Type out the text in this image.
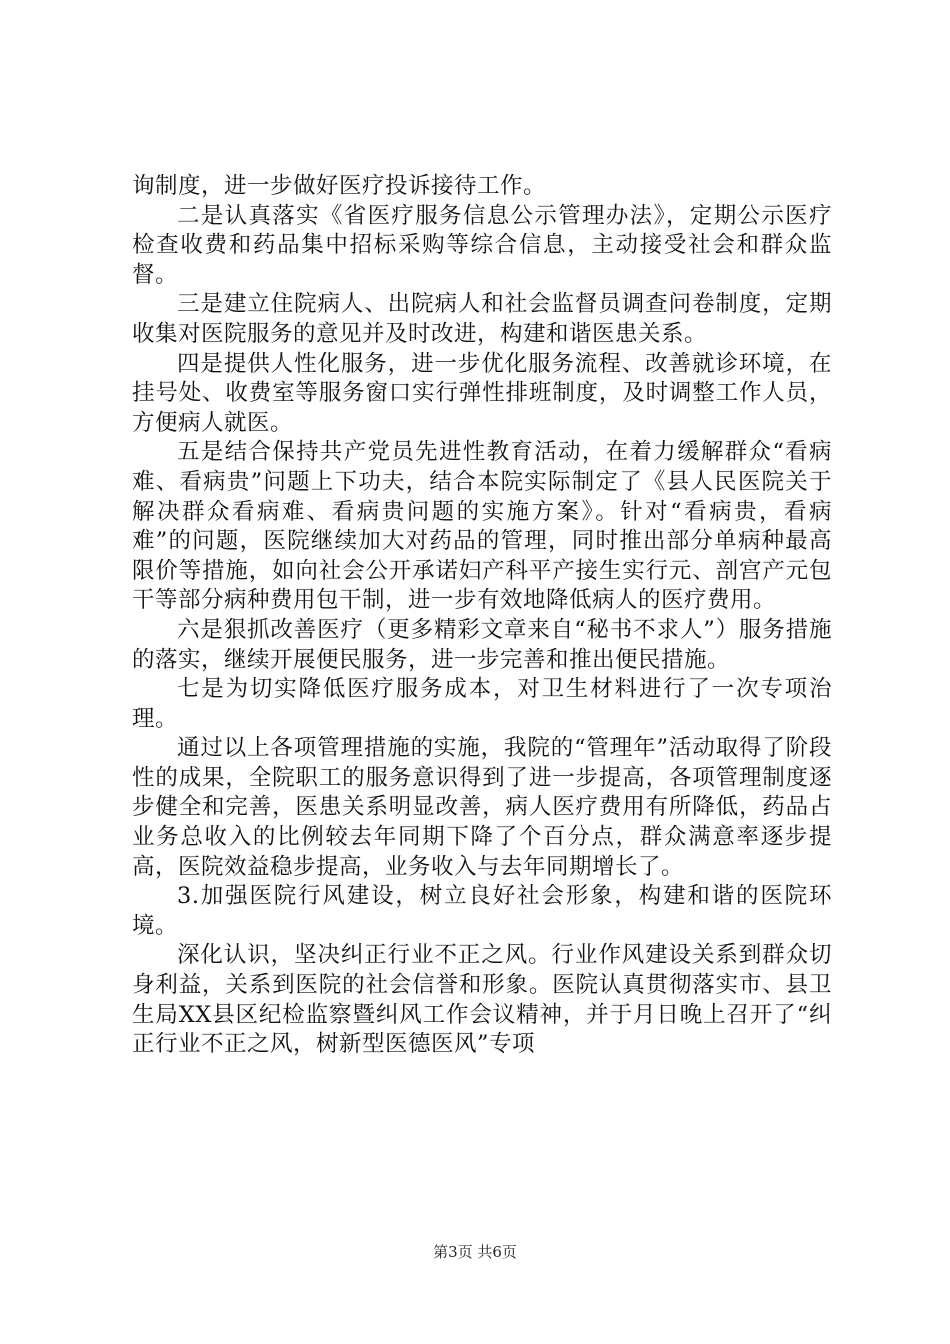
询制度，进一步做好医疗投诉接待工作。

二是认真落实《省医疗服务信息公示管理办法》，定期公示医疗检查收费和药品集中招标采购等综合信息，主动接受社会和群众监督。

三是建立住院病人、出院病人和社会监督员调查问卷制度，定期收集对医院服务的意见并及时改进，构建和谐医患关系。

四是提供人性化服务，进一步优化服务流程、改善就诊环境，在挂号处、收费室等服务窗口实行弹性排班制度，及时调整工作人员，方便病人就医。

五是结合保持共产党员先进性教育活动，在着力缓解群众“看病难、看病贵”问题上下功夫，结合本院实际制定了《县人民医院关于解决群众看病难、看病贵问题的实施方案》。针对“看病贵，看病难”的问题，医院继续加大对药品的管理，同时推出部分单病种最高限价等措施，如向社会公开承诺妇产科平产接生实行元、剖宫产元包干等部分病种费用包干制，进一步有效地降低病人的医疗费用。

六是狠抓改善医疗（更多精彩文章来自“秘书不求人”）服务措施的落实，继续开展便民服务，进一步完善和推出便民措施。

七是为切实降低医疗服务成本，对卫生材料进行了一次专项治理。

通过以上各项管理措施的实施，我院的“管理年”活动取得了阶段性的成果，全院职工的服务意识得到了进一步提高，各项管理制度逐步健全和完善，医患关系明显改善，病人医疗费用有所降低，药品占业务总收入的比例较去年同期下降了个百分点，群众满意率逐步提高，医院效益稳步提高，业务收入与去年同期增长了。

3.加强医院行风建设，树立良好社会形象，构建和谐的医院环境。

深化认识，坚决纠正行业不正之风。行业作风建设关系到群众切身利益，关系到医院的社会信誉和形象。医院认真贯彻落实市、县卫生局XX县区纪检监察暨纠风工作会议精神，并于月日晚上召开了“纠正行业不正之风，树新型医德医风”专项

第3页 共6页
